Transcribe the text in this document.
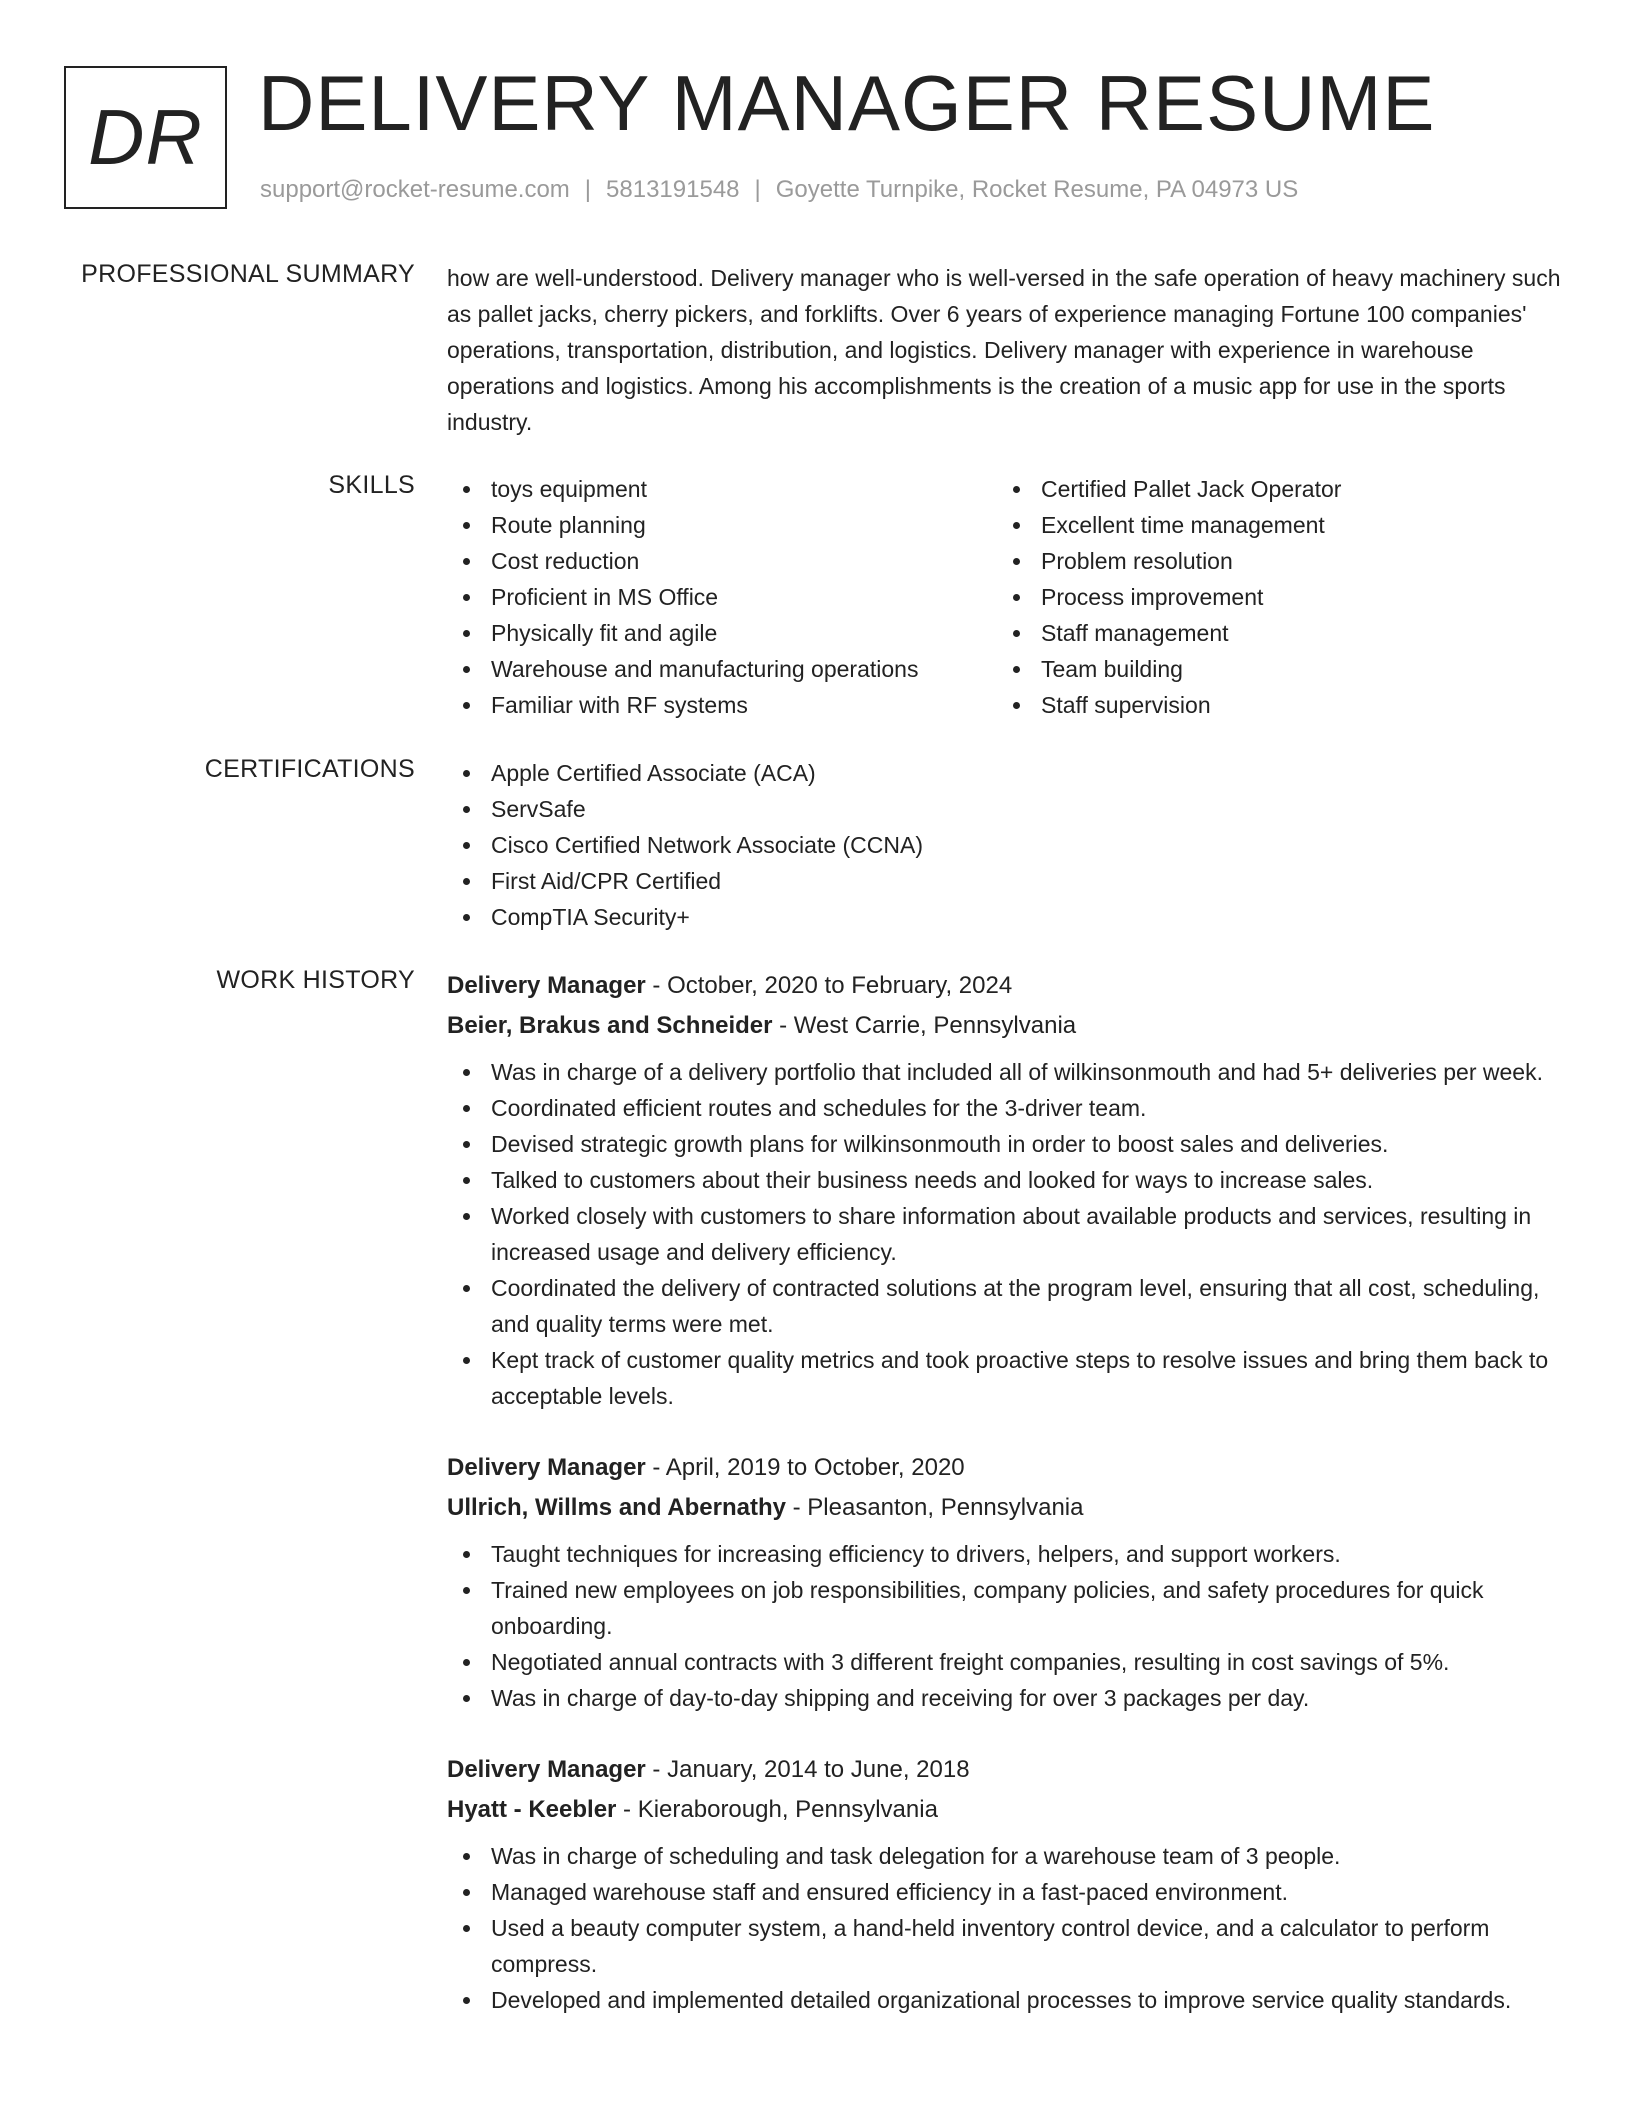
DR DELIVERY MANAGER RESUME
support@rocket-resume.com | 5813191548 | Goyette Turnpike, Rocket Resume, PA 04973 US
PROFESSIONAL SUMMARY how are well-understood. Delivery manager who is well-versed in the safe operation of heavy machinery such as pallet jacks, cherry pickers, and forklifts. Over 6 years of experience managing Fortune 100 companies' operations, transportation, distribution, and logistics. Delivery manager with experience in warehouse operations and logistics. Among his accomplishments is the creation of a music app for use in the sports industry.
SKILLS	toys equipment
Route planning
Cost reduction
Proficient in MS Office
Physically fit and agile
Warehouse and manufacturing operations
Familiar with RF systems
Certified Pallet Jack Operator
Excellent time management
Problem resolution
Process improvement
Staff management
Team building
Staff supervision
CERTIFICATIONS	Apple Certified Associate (ACA)
ServSafe
Cisco Certified Network Associate (CCNA)
First Aid/CPR Certified
CompTIA Security+
WORK HISTORY Delivery Manager - October, 2020 to February, 2024
Beier, Brakus and Schneider - West Carrie, Pennsylvania
Was in charge of a delivery portfolio that included all of wilkinsonmouth and had 5+ deliveries per week.
Coordinated efficient routes and schedules for the 3-driver team.
Devised strategic growth plans for wilkinsonmouth in order to boost sales and deliveries.
Talked to customers about their business needs and looked for ways to increase sales.
Worked closely with customers to share information about available products and services, resulting in increased usage and delivery efficiency.
Coordinated the delivery of contracted solutions at the program level, ensuring that all cost, scheduling, and quality terms were met.
Kept track of customer quality metrics and took proactive steps to resolve issues and bring them back to acceptable levels.
Delivery Manager - April, 2019 to October, 2020
Ullrich, Willms and Abernathy - Pleasanton, Pennsylvania
Taught techniques for increasing efficiency to drivers, helpers, and support workers.
Trained new employees on job responsibilities, company policies, and safety procedures for quick onboarding.
Negotiated annual contracts with 3 different freight companies, resulting in cost savings of 5%.
Was in charge of day-to-day shipping and receiving for over 3 packages per day.
Delivery Manager - January, 2014 to June, 2018
Hyatt - Keebler - Kieraborough, Pennsylvania
Was in charge of scheduling and task delegation for a warehouse team of 3 people.
Managed warehouse staff and ensured efficiency in a fast-paced environment.
Used a beauty computer system, a hand-held inventory control device, and a calculator to perform compress.
Developed and implemented detailed organizational processes to improve service quality standards.
